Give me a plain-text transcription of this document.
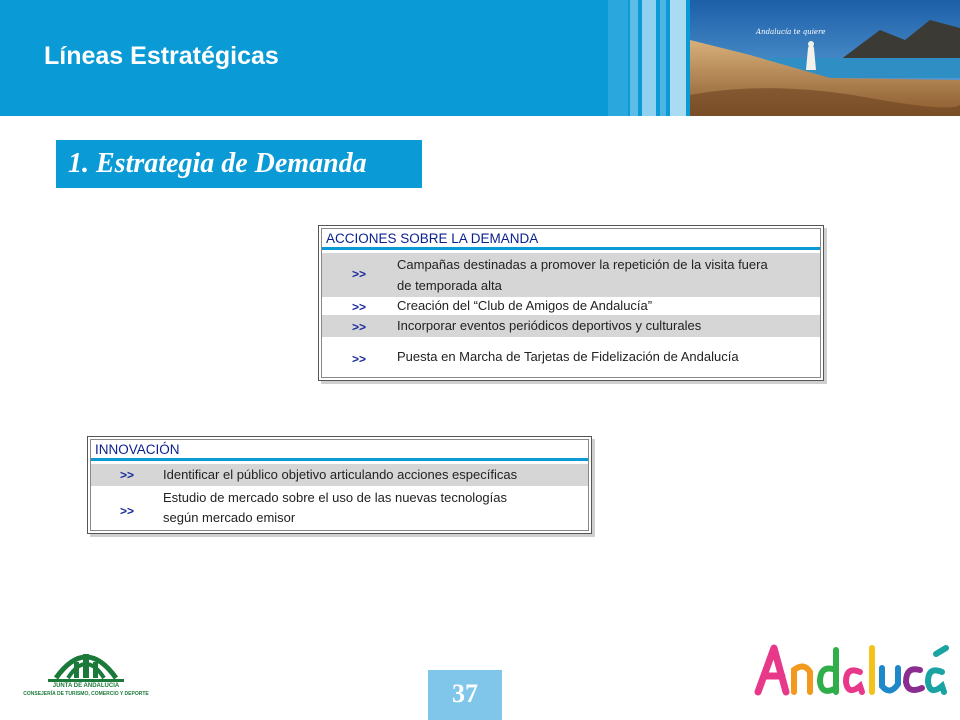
Líneas Estratégicas
Andalucía te quiere
1. Estrategia de Demanda
ACCIONES SOBRE LA DEMANDA
>>
Campañas destinadas a promover la repetición de la visita fuera
de temporada alta
>> Creación del “Club de Amigos de Andalucía”
>> Incorporar eventos periódicos deportivos y culturales
>> Puesta en Marcha de Tarjetas de Fidelización de Andalucía
INNOVACIÓN
>> Identificar el público objetivo articulando acciones específicas
>>
Estudio de mercado sobre el uso de las nuevas tecnologías
según mercado emisor
JUNTA DE ANDALUCIA
CONSEJERÍA DE TURISMO, COMERCIO Y DEPORTE	37
